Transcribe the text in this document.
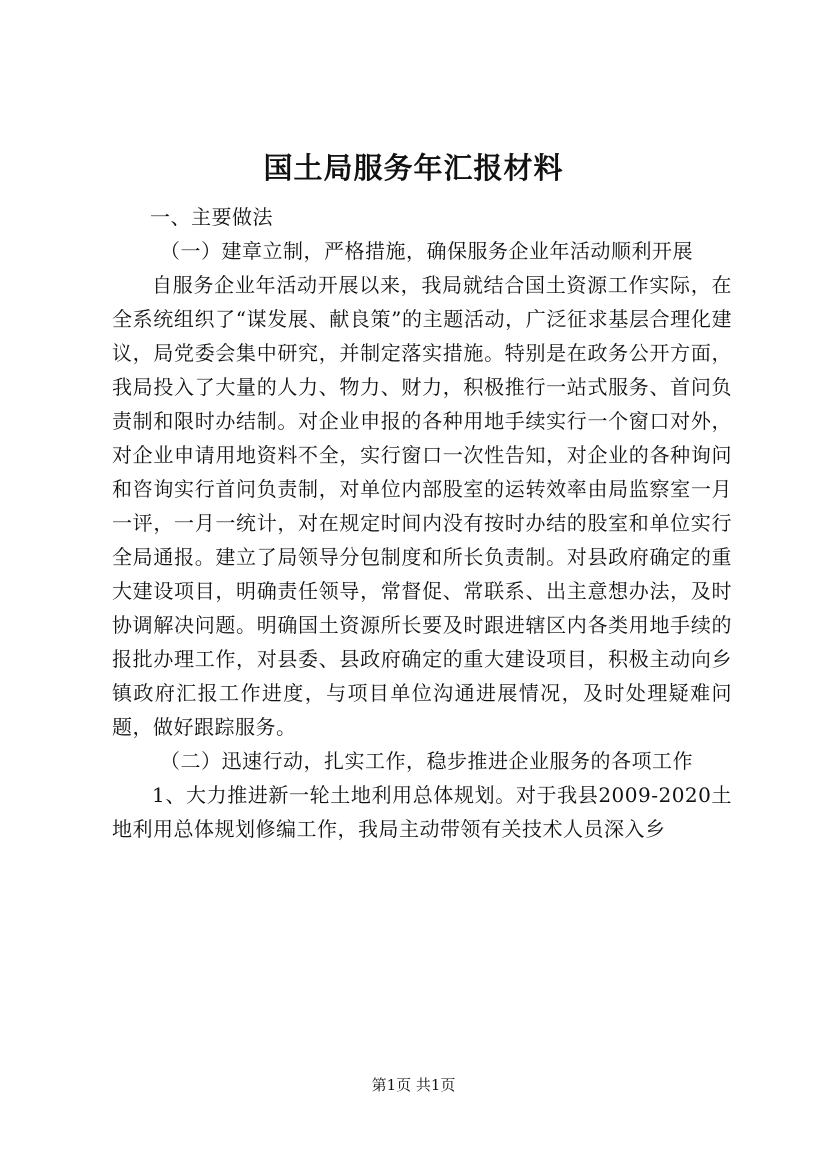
国土局服务年汇报材料

一、主要做法

（一）建章立制，严格措施，确保服务企业年活动顺利开展

自服务企业年活动开展以来，我局就结合国土资源工作实际，在全系统组织了“谋发展、献良策”的主题活动，广泛征求基层合理化建议，局党委会集中研究，并制定落实措施。特别是在政务公开方面，我局投入了大量的人力、物力、财力，积极推行一站式服务、首问负责制和限时办结制。对企业申报的各种用地手续实行一个窗口对外，对企业申请用地资料不全，实行窗口一次性告知，对企业的各种询问和咨询实行首问负责制，对单位内部股室的运转效率由局监察室一月一评，一月一统计，对在规定时间内没有按时办结的股室和单位实行全局通报。建立了局领导分包制度和所长负责制。对县政府确定的重大建设项目，明确责任领导，常督促、常联系、出主意想办法，及时协调解决问题。明确国土资源所长要及时跟进辖区内各类用地手续的报批办理工作，对县委、县政府确定的重大建设项目，积极主动向乡镇政府汇报工作进度，与项目单位沟通进展情况，及时处理疑难问题，做好跟踪服务。

（二）迅速行动，扎实工作，稳步推进企业服务的各项工作

1、大力推进新一轮土地利用总体规划。对于我县2009-2020土地利用总体规划修编工作，我局主动带领有关技术人员深入乡

第1页 共1页
